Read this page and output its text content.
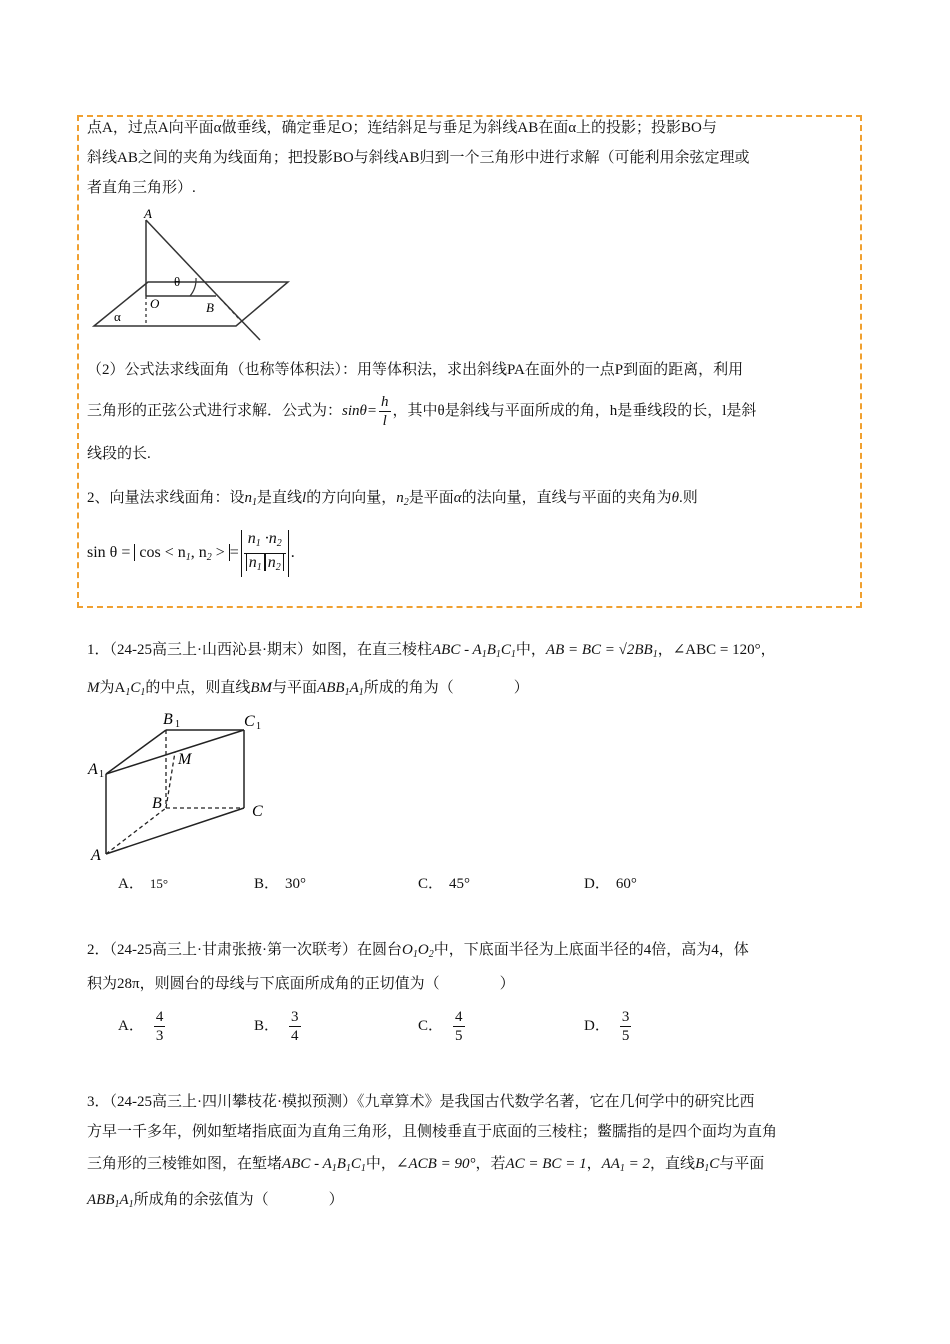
点A，过点A向平面α做垂线，确定垂足O；连结斜足与垂足为斜线AB在面α上的投影；投影BO与
斜线AB之间的夹角为线面角；把投影BO与斜线AB归到一个三角形中进行求解（可能利用余弦定理或
者直角三角形）.
A
O	B
θ
α
（2）公式法求线面角（也称等体积法）：用等体积法，求出斜线PA在面外的一点P到面的距离，利用
三角形的正弦公式进行求解．公式为：$\sin\theta= \frac{h}{l}$ ，其中θ是斜线与平面所成的角，h是垂线段的长，l是斜
线段的长.
2、向量法求线面角：设$n_1$是直线l的方向向量，$n_2$是平面α的法向量，直线与平面的夹角为θ.则
$\sin \theta = \cos < n_1$, $n_2$ > = $\frac{n_1 \cdot n_2}{n_1 n_2}$ .
1．（24-25高三上·山西沁县·期末）如图，在直三棱柱ABC - $A_1B_1C_1$中，AB = BC = $√2BB_1$，∠ABC = 120°，
M为$A_1C_1$的中点，则直线BM与平面$ABB_1A_1$所成的角为（　　　　）
B 1	C 1
A 1
M
B	C
A
A． 15°	B． 30°	C． 45°	D． 60°
2．（24-25高三上·甘肃张掖·第一次联考）在圆台$O_1O_2$中，下底面半径为上底面半径的4倍，高为4，体
积为28π，则圆台的母线与下底面所成角的正切值为（　　　　）
A． $\frac{4}{3}$	B． $\frac{3}{4}$	C． $\frac{4}{5}$	D． $\frac{3}{5}$
3．（24-25高三上·四川攀枝花·模拟预测）《九章算术》是我国古代数学名著，它在几何学中的研究比西
方早一千多年，例如堑堵指底面为直角三角形，且侧棱垂直于底面的三棱柱；鳖臑指的是四个面均为直角
三角形的三棱锥如图，在堑堵ABC - $A_1B_1C_1$中，∠ACB = 90°，若AC = BC = 1，$AA_1 = 2$，直线$B_1C$与平面
$ABB_1A_1$所成角的余弦值为（　　　　）
